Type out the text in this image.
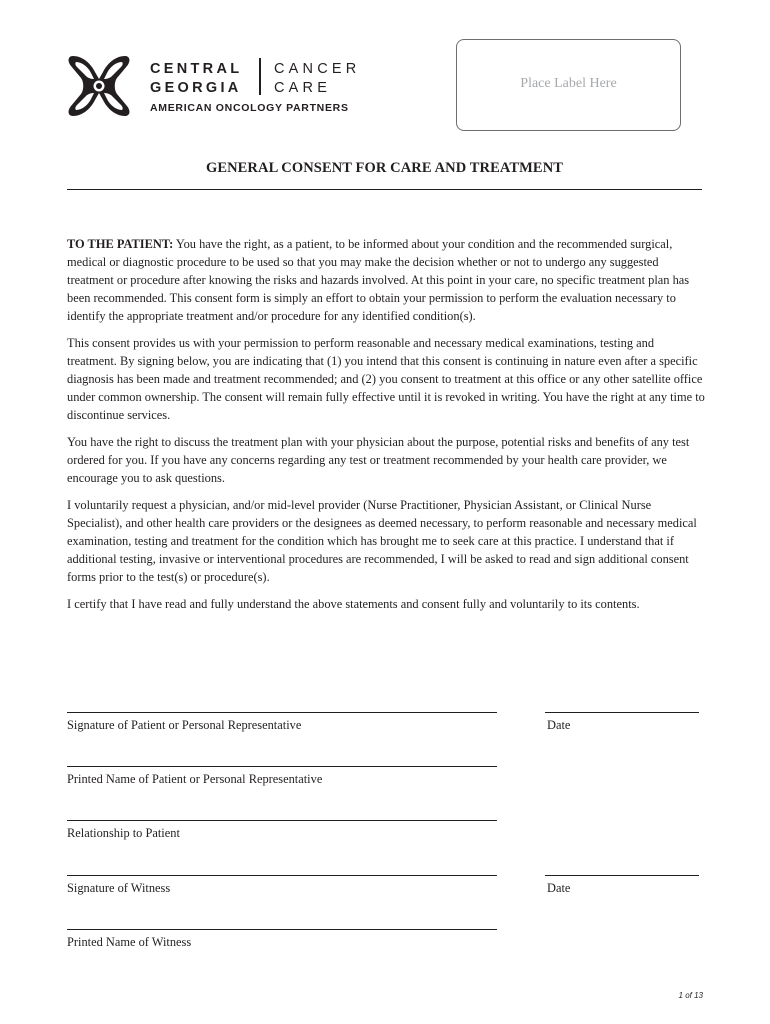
CENTRAL
GEORGIA
CANCER
CARE
AMERICAN ONCOLOGY PARTNERS
Place Label Here
GENERAL CONSENT FOR CARE AND TREATMENT

TO THE PATIENT: You have the right, as a patient, to be informed about your condition and the recommended surgical, medical or diagnostic procedure to be used so that you may make the decision whether or not to undergo any suggested treatment or procedure after knowing the risks and hazards involved. At this point in your care, no specific treatment plan has been recommended. This consent form is simply an effort to obtain your permission to perform the evaluation necessary to identify the appropriate treatment and/or procedure for any identified condition(s).

This consent provides us with your permission to perform reasonable and necessary medical examinations, testing and treatment. By signing below, you are indicating that (1) you intend that this consent is continuing in nature even after a specific diagnosis has been made and treatment recommended; and (2) you consent to treatment at this office or any other satellite office under common ownership. The consent will remain fully effective until it is revoked in writing. You have the right at any time to discontinue services.

You have the right to discuss the treatment plan with your physician about the purpose, potential risks and benefits of any test ordered for you. If you have any concerns regarding any test or treatment recommended by your health care provider, we encourage you to ask questions.

I voluntarily request a physician, and/or mid-level provider (Nurse Practitioner, Physician Assistant, or Clinical Nurse Specialist), and other health care providers or the designees as deemed necessary, to perform reasonable and necessary medical examination, testing and treatment for the condition which has brought me to seek care at this practice. I understand that if additional testing, invasive or interventional procedures are recommended, I will be asked to read and sign additional consent forms prior to the test(s) or procedure(s).

I certify that I have read and fully understand the above statements and consent fully and voluntarily to its contents.

Signature of Patient or Personal Representative	Date
Printed Name of Patient or Personal Representative
Relationship to Patient
Signature of Witness	Date
Printed Name of Witness
1 of 13
